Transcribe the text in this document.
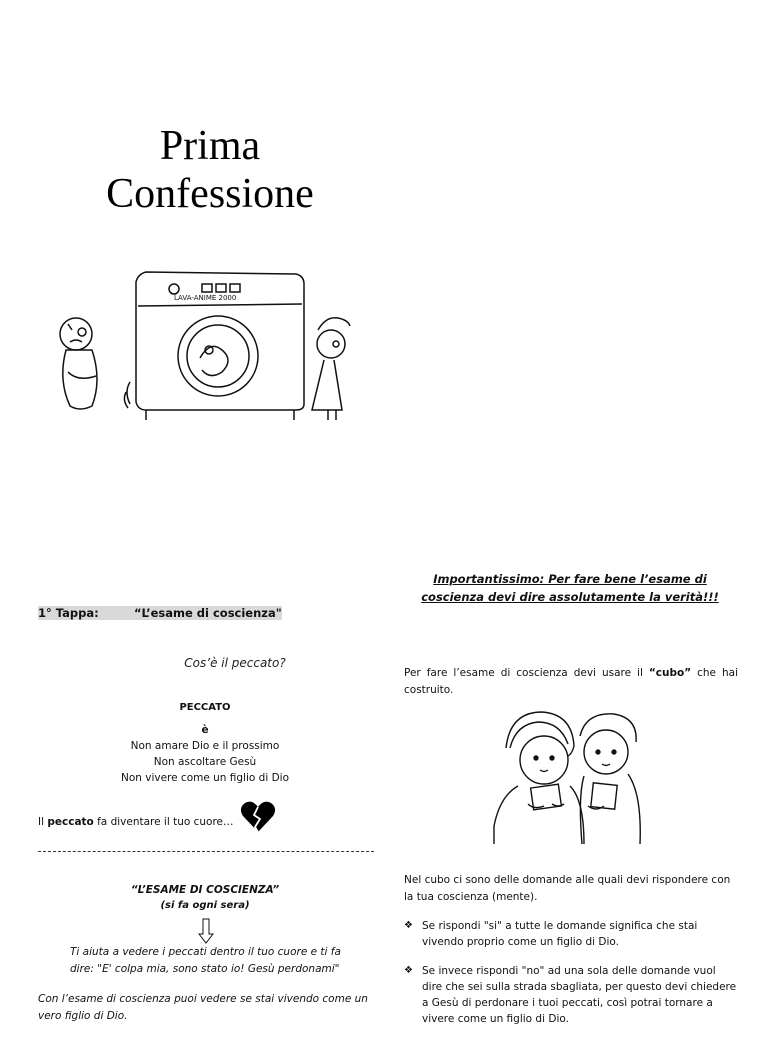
Prima
Confessione
LAVA-ANIME 2000
1° Tappa:	“L’esame di coscienza"
Cos’è il peccato?
PECCATO
è
Non amare Dio e il prossimo
Non ascoltare Gesù
Non vivere come un figlio di Dio
Il peccato fa diventare il tuo cuore…
“L’ESAME DI COSCIENZA”
(si fa ogni sera)
Ti aiuta a vedere i peccati dentro il tuo cuore e ti fa dire: "E' colpa mia, sono stato io! Gesù perdonami"
Con l’esame di coscienza puoi vedere se stai vivendo come un vero figlio di Dio.
Importantissimo: Per fare bene l’esame di coscienza devi dire assolutamente la verità!!!
Per fare l’esame di coscienza devi usare il “cubo” che hai costruito.
Nel cubo ci sono delle domande alle quali devi rispondere con la tua coscienza (mente).
❖ Se rispondi "si" a tutte le domande significa che stai vivendo proprio come un figlio di Dio.
❖ Se invece rispondi "no" ad una sola delle domande vuol dire che sei sulla strada sbagliata, per questo devi chiedere a Gesù di perdonare i tuoi peccati, così potrai tornare a vivere come un figlio di Dio.
